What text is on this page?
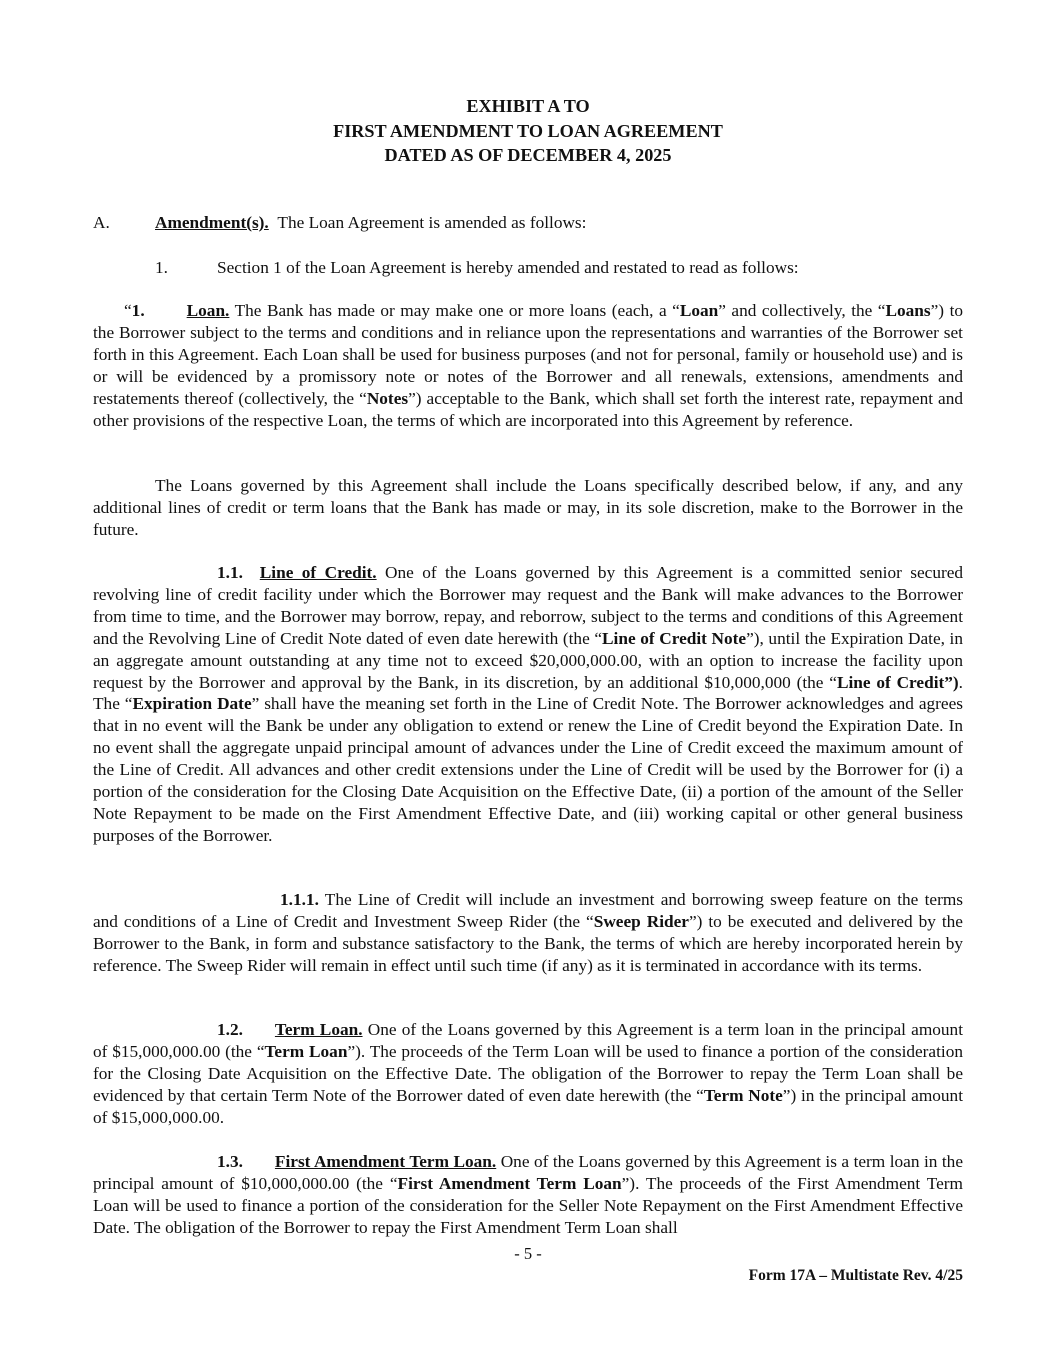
EXHIBIT A TO
FIRST AMENDMENT TO LOAN AGREEMENT
DATED AS OF DECEMBER 4, 2025
A.	Amendment(s). The Loan Agreement is amended as follows:
1.	Section 1 of the Loan Agreement is hereby amended and restated to read as follows:
“1. Loan. The Bank has made or may make one or more loans (each, a “Loan” and collectively, the “Loans”) to the Borrower subject to the terms and conditions and in reliance upon the representations and warranties of the Borrower set forth in this Agreement. Each Loan shall be used for business purposes (and not for personal, family or household use) and is or will be evidenced by a promissory note or notes of the Borrower and all renewals, extensions, amendments and restatements thereof (collectively, the “Notes”) acceptable to the Bank, which shall set forth the interest rate, repayment and other provisions of the respective Loan, the terms of which are incorporated into this Agreement by reference.
The Loans governed by this Agreement shall include the Loans specifically described below, if any, and any additional lines of credit or term loans that the Bank has made or may, in its sole discretion, make to the Borrower in the future.
1.1. Line of Credit. One of the Loans governed by this Agreement is a committed senior secured revolving line of credit facility under which the Borrower may request and the Bank will make advances to the Borrower from time to time, and the Borrower may borrow, repay, and reborrow, subject to the terms and conditions of this Agreement and the Revolving Line of Credit Note dated of even date herewith (the “Line of Credit Note”), until the Expiration Date, in an aggregate amount outstanding at any time not to exceed $20,000,000.00, with an option to increase the facility upon request by the Borrower and approval by the Bank, in its discretion, by an additional $10,000,000 (the “Line of Credit”). The “Expiration Date” shall have the meaning set forth in the Line of Credit Note. The Borrower acknowledges and agrees that in no event will the Bank be under any obligation to extend or renew the Line of Credit beyond the Expiration Date. In no event shall the aggregate unpaid principal amount of advances under the Line of Credit exceed the maximum amount of the Line of Credit. All advances and other credit extensions under the Line of Credit will be used by the Borrower for (i) a portion of the consideration for the Closing Date Acquisition on the Effective Date, (ii) a portion of the amount of the Seller Note Repayment to be made on the First Amendment Effective Date, and (iii) working capital or other general business purposes of the Borrower.
1.1.1. The Line of Credit will include an investment and borrowing sweep feature on the terms and conditions of a Line of Credit and Investment Sweep Rider (the “Sweep Rider”) to be executed and delivered by the Borrower to the Bank, in form and substance satisfactory to the Bank, the terms of which are hereby incorporated herein by reference. The Sweep Rider will remain in effect until such time (if any) as it is terminated in accordance with its terms.
1.2. Term Loan. One of the Loans governed by this Agreement is a term loan in the principal amount of $15,000,000.00 (the “Term Loan”). The proceeds of the Term Loan will be used to finance a portion of the consideration for the Closing Date Acquisition on the Effective Date. The obligation of the Borrower to repay the Term Loan shall be evidenced by that certain Term Note of the Borrower dated of even date herewith (the “Term Note”) in the principal amount of $15,000,000.00.
1.3. First Amendment Term Loan. One of the Loans governed by this Agreement is a term loan in the principal amount of $10,000,000.00 (the “First Amendment Term Loan”). The proceeds of the First Amendment Term Loan will be used to finance a portion of the consideration for the Seller Note Repayment on the First Amendment Effective Date. The obligation of the Borrower to repay the First Amendment Term Loan shall
- 5 -
Form 17A – Multistate Rev. 4/25
